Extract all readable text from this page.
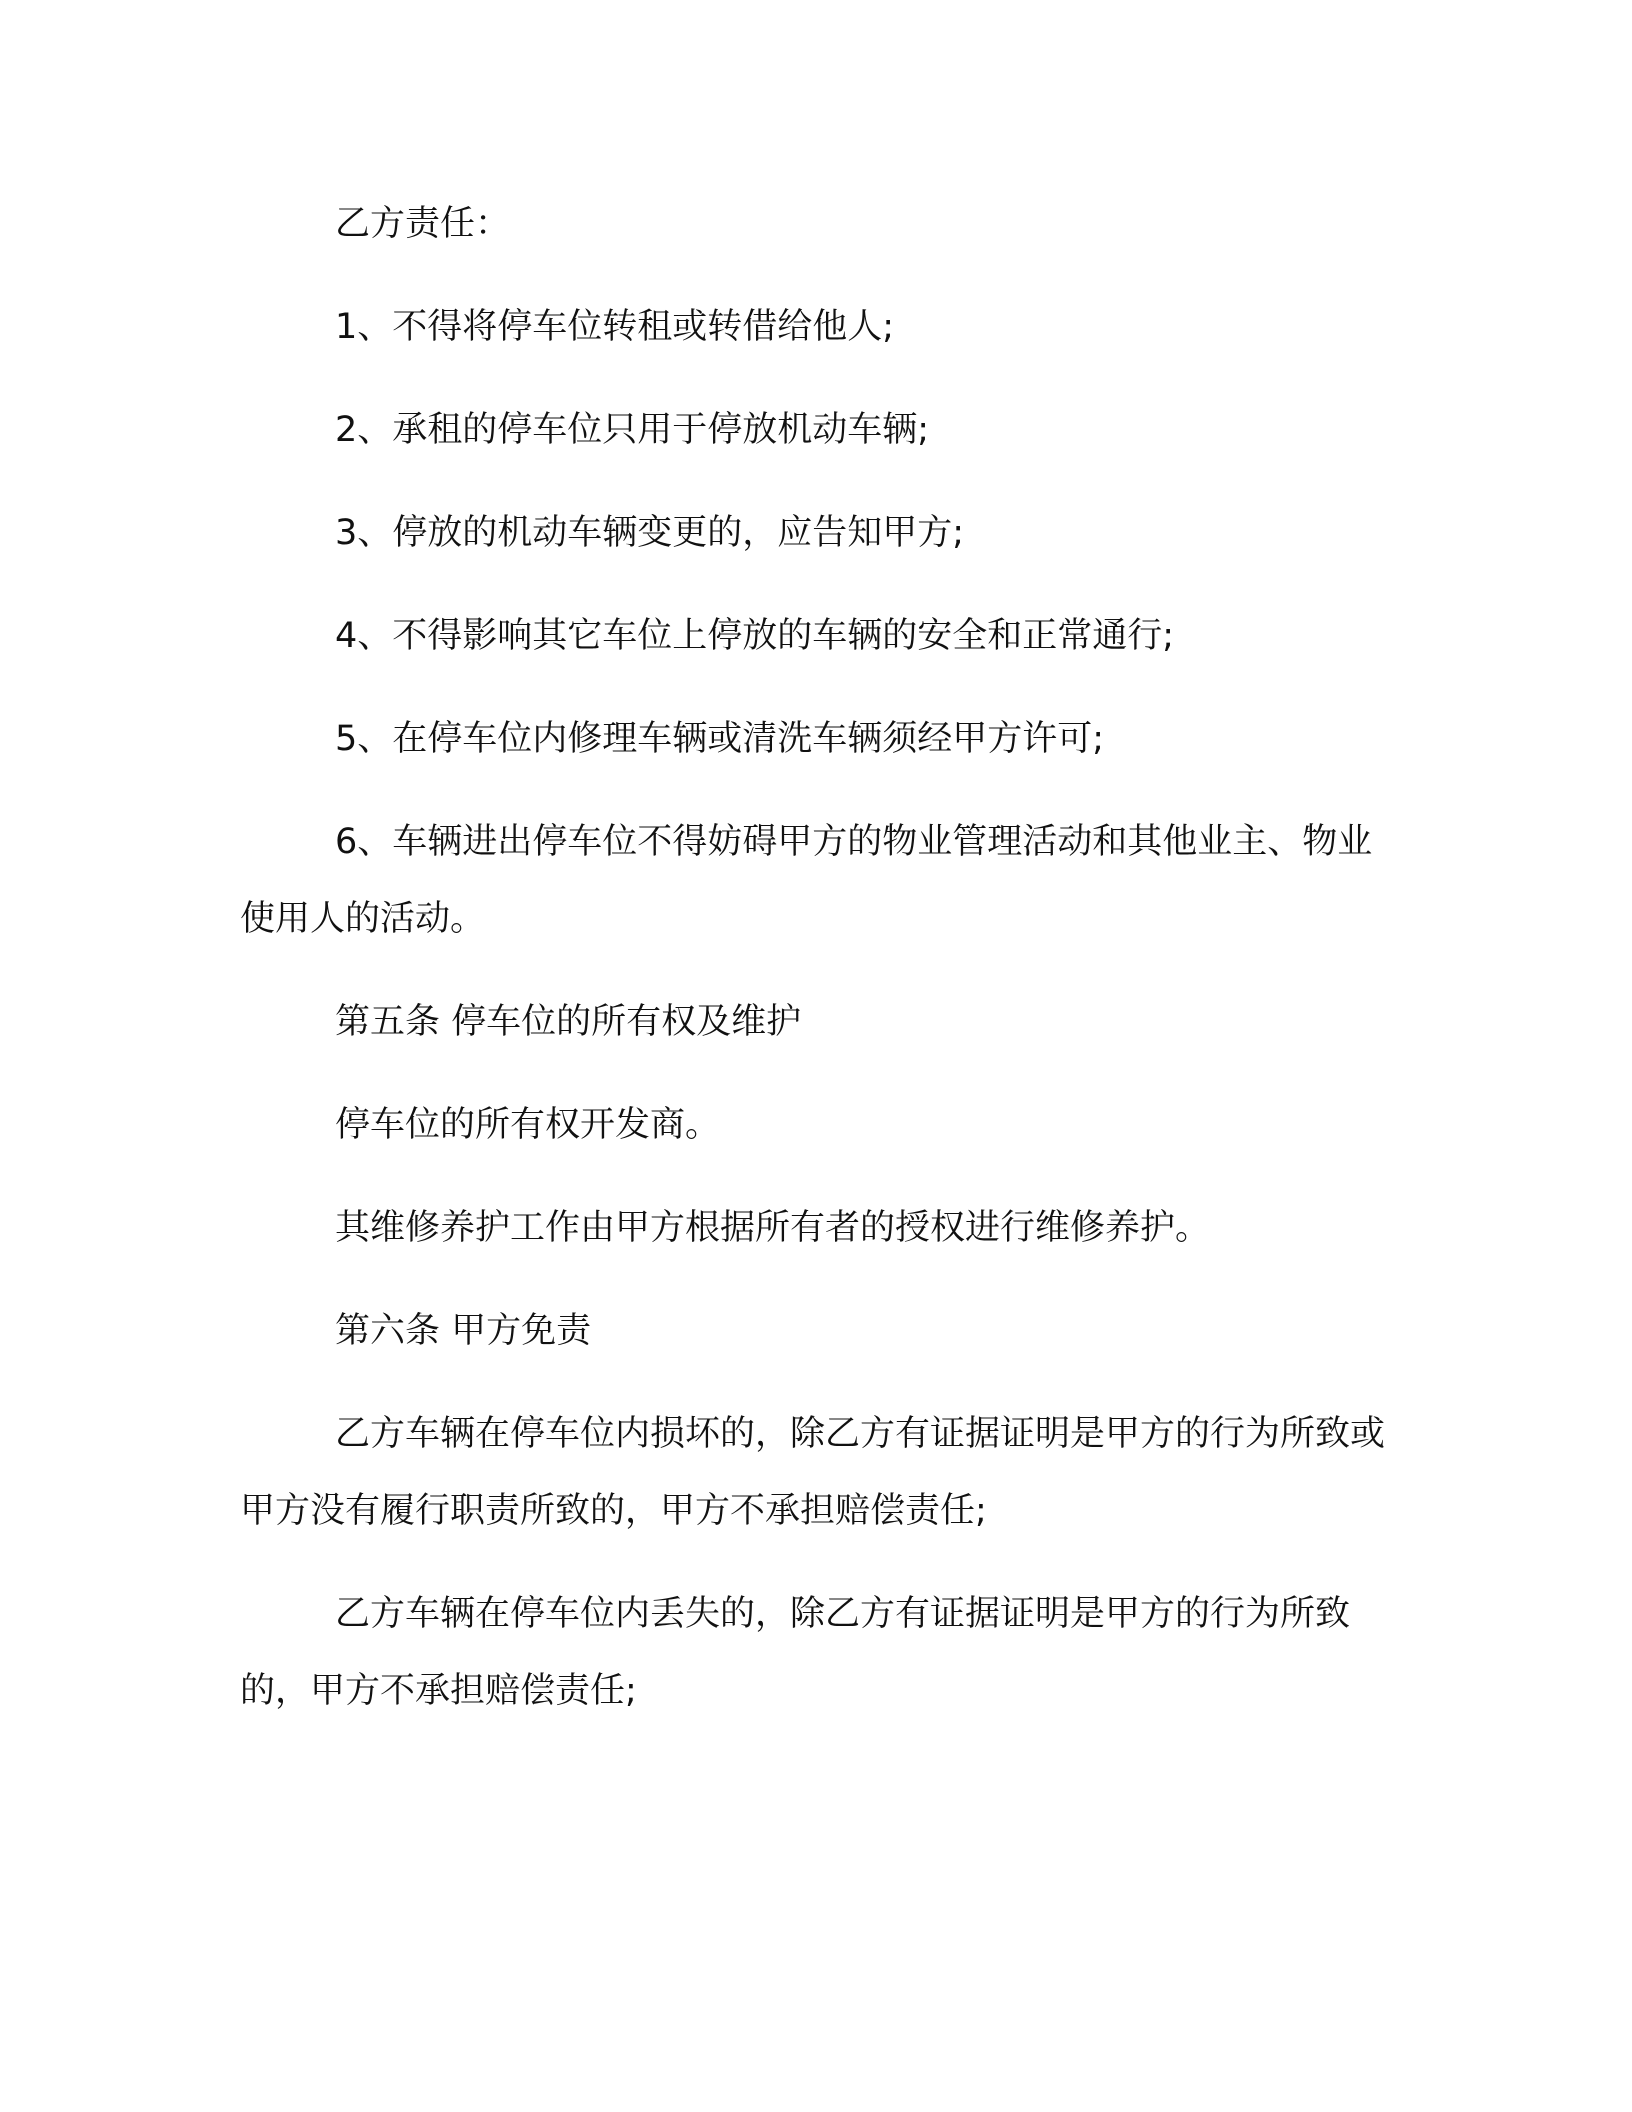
乙方责任：

1、不得将停车位转租或转借给他人;

2、承租的停车位只用于停放机动车辆;

3、停放的机动车辆变更的，应告知甲方;

4、不得影响其它车位上停放的车辆的安全和正常通行;

5、在停车位内修理车辆或清洗车辆须经甲方许可;

6、车辆进出停车位不得妨碍甲方的物业管理活动和其他业主、物业使用人的活动。

第五条 停车位的所有权及维护

停车位的所有权开发商。

其维修养护工作由甲方根据所有者的授权进行维修养护。

第六条 甲方免责

乙方车辆在停车位内损坏的，除乙方有证据证明是甲方的行为所致或甲方没有履行职责所致的，甲方不承担赔偿责任;

乙方车辆在停车位内丢失的，除乙方有证据证明是甲方的行为所致的，甲方不承担赔偿责任;
